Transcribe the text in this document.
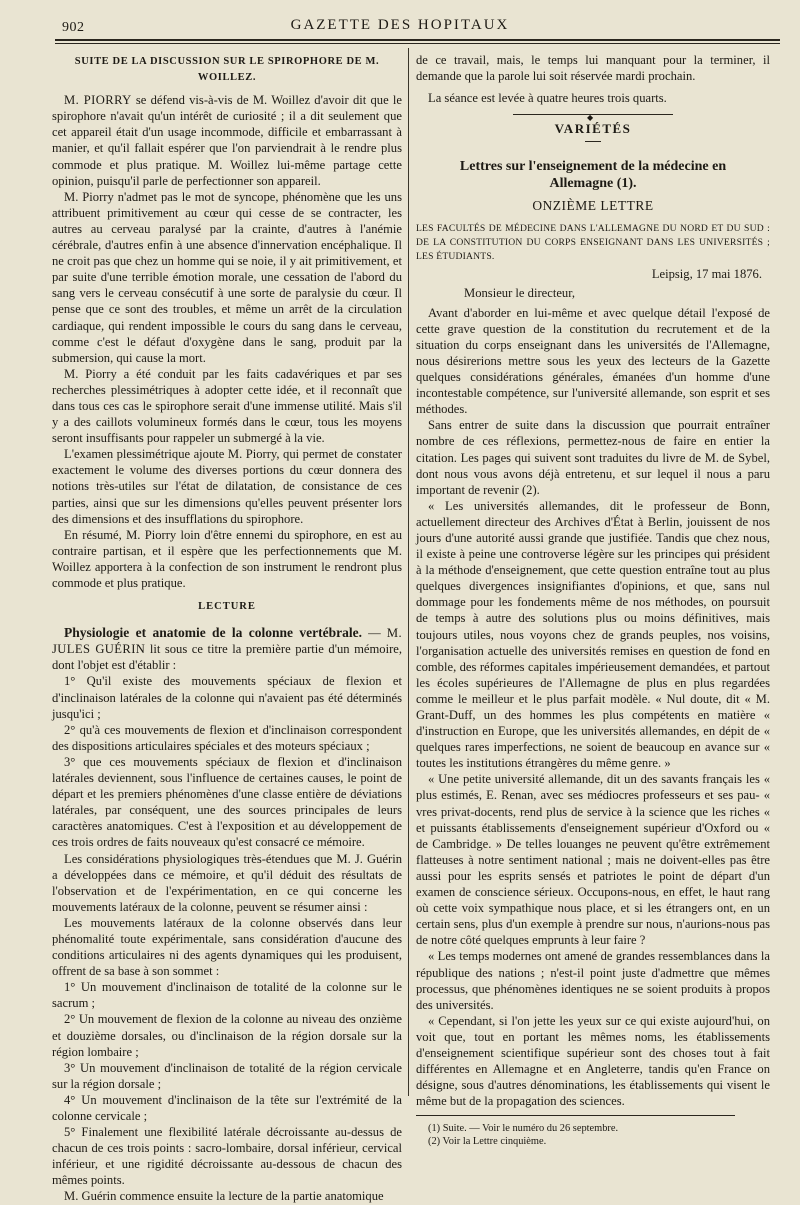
902	GAZETTE DES HOPITAUX
SUITE DE LA DISCUSSION SUR LE SPIROPHORE DE M. WOILLEZ.

M. PIORRY se défend vis-à-vis de M. Woillez d'avoir dit que le spirophore n'avait qu'un intérêt de curiosité ; il a dit seulement que cet appareil était d'un usage incommode, difficile et embarrassant à manier, et qu'il fallait espérer que l'on parviendrait à le rendre plus commode et plus pratique. M. Woillez lui-même partage cette opinion, puisqu'il parle de perfectionner son appareil.

M. Piorry n'admet pas le mot de syncope, phénomène que les uns attribuent primitivement au cœur qui cesse de se contracter, les autres au cerveau paralysé par la crainte, d'autres à l'anémie cérébrale, d'autres enfin à une absence d'innervation encéphalique. Il ne croit pas que chez un homme qui se noie, il y ait primitivement, et par suite d'une terrible émotion morale, une cessation de l'abord du sang vers le cerveau consécutif à une sorte de paralysie du cœur. Il pense que ce sont des troubles, et même un arrêt de la circulation cardiaque, qui rendent impossible le cours du sang dans le cerveau, comme c'est le défaut d'oxygène dans le sang, produit par la submersion, qui cause la mort.

M. Piorry a été conduit par les faits cadavériques et par ses recherches plessimétriques à adopter cette idée, et il reconnaît que dans tous ces cas le spirophore serait d'une immense utilité. Mais s'il y a des caillots volumineux formés dans le cœur, tous les moyens seront insuffisants pour rappeler un submergé à la vie.

L'examen plessimétrique ajoute M. Piorry, qui permet de constater exactement le volume des diverses portions du cœur donnera des notions très-utiles sur l'état de dilatation, de consistance de ces parties, ainsi que sur les dimensions qu'elles peuvent présenter lors des dimensions et des insufflations du spirophore.

En résumé, M. Piorry loin d'être ennemi du spirophore, en est au contraire partisan, et il espère que les perfectionnements que M. Woillez apportera à la confection de son instrument le rendront plus commode et plus pratique.

LECTURE

Physiologie et anatomie de la colonne vertébrale. — M. JULES GUÉRIN lit sous ce titre la première partie d'un mémoire, dont l'objet est d'établir :

1° Qu'il existe des mouvements spéciaux de flexion et d'inclinaison latérales de la colonne qui n'avaient pas été déterminés jusqu'ici ;

2° qu'à ces mouvements de flexion et d'inclinaison correspondent des dispositions articulaires spéciales et des moteurs spéciaux ;

3° que ces mouvements spéciaux de flexion et d'inclinaison latérales deviennent, sous l'influence de certaines causes, le point de départ et les premiers phénomènes d'une classe entière de déviations latérales, par conséquent, une des sources principales de leurs caractères anatomiques. C'est à l'exposition et au développement de ces trois ordres de faits nouveaux qu'est consacré ce mémoire.

Les considérations physiologiques très-étendues que M. J. Guérin a développées dans ce mémoire, et qu'il déduit des résultats de l'observation et de l'expérimentation, en ce qui concerne les mouvements latéraux de la colonne, peuvent se résumer ainsi :

Les mouvements latéraux de la colonne observés dans leur phénomalité toute expérimentale, sans considération d'aucune des conditions articulaires ni des agents dynamiques qui les produisent, offrent de sa base à son sommet :

1° Un mouvement d'inclinaison de totalité de la colonne sur le sacrum ;

2° Un mouvement de flexion de la colonne au niveau des onzième et douzième dorsales, ou d'inclinaison de la région dorsale sur la région lombaire ;

3° Un mouvement d'inclinaison de totalité de la région cervicale sur la région dorsale ;

4° Un mouvement d'inclinaison de la tête sur l'extrémité de la colonne cervicale ;

5° Finalement une flexibilité latérale décroissante au-dessus de chacun de ces trois points : sacro-lombaire, dorsal inférieur, cervical inférieur, et une rigidité décroissante au-dessous de chacun des mêmes points.

M. Guérin commence ensuite la lecture de la partie anatomique

de ce travail, mais, le temps lui manquant pour la terminer, il demande que la parole lui soit réservée mardi prochain.

La séance est levée à quatre heures trois quarts.

◆
VARIÉTÉS
Lettres sur l'enseignement de la médecine en Allemagne (1).
ONZIÈME LETTRE

LES FACULTÉS DE MÉDECINE DANS L'ALLEMAGNE DU NORD ET DU SUD : DE LA CONSTITUTION DU CORPS ENSEIGNANT DANS LES UNIVERSITÉS ; LES ÉTUDIANTS.

Leipsig, 17 mai 1876.

Monsieur le directeur,

Avant d'aborder en lui-même et avec quelque détail l'exposé de cette grave question de la constitution du recrutement et de la situation du corps enseignant dans les universités de l'Allemagne, nous désirerions mettre sous les yeux des lecteurs de la Gazette quelques considérations générales, émanées d'un homme d'une incontestable compétence, sur l'université allemande, son esprit et ses méthodes.

Sans entrer de suite dans la discussion que pourrait entraîner nombre de ces réflexions, permettez-nous de faire en entier la citation. Les pages qui suivent sont traduites du livre de M. de Sybel, dont nous vous avons déjà entretenu, et sur lequel il nous a paru important de revenir (2).

« Les universités allemandes, dit le professeur de Bonn, actuellement directeur des Archives d'État à Berlin, jouissent de nos jours d'une autorité aussi grande que justifiée. Tandis que chez nous, il existe à peine une controverse légère sur les principes qui président à la méthode d'enseignement, que cette question entraîne tout au plus quelques divergences insignifiantes d'opinions, et que, sans nul dommage pour les fondements même de nos méthodes, on poursuit de temps à autre des solutions plus ou moins définitives, mais toujours utiles, nous voyons chez de grands peuples, nos voisins, l'organisation actuelle des universités remises en question de fond en comble, des réformes capitales impérieusement demandées, et partout les écoles supérieures de l'Allemagne de plus en plus regardées comme le meilleur et le plus parfait modèle. « Nul doute, dit « M. Grant-Duff, un des hommes les plus compétents en matière « d'instruction en Europe, que les universités allemandes, en dépit de « quelques rares imperfections, ne soient de beaucoup en avance sur « toutes les institutions étrangères du même genre. »

« Une petite université allemande, dit un des savants français les « plus estimés, E. Renan, avec ses médiocres professeurs et ses pau- « vres privat-docents, rend plus de service à la science que les riches « et puissants établissements d'enseignement supérieur d'Oxford ou « de Cambridge. » De telles louanges ne peuvent qu'être extrêmement flatteuses à notre sentiment national ; mais ne doivent-elles pas être aussi pour les esprits sensés et patriotes le point de départ d'un examen de conscience sérieux. Occupons-nous, en effet, le haut rang où cette voix sympathique nous place, et si les étrangers ont, en un certain sens, plus d'un exemple à prendre sur nous, n'aurions-nous pas de notre côté quelques emprunts à leur faire ?

« Les temps modernes ont amené de grandes ressemblances dans la république des nations ; n'est-il point juste d'admettre que mêmes processus, que phénomènes identiques ne se soient produits à propos des universités.

« Cependant, si l'on jette les yeux sur ce qui existe aujourd'hui, on voit que, tout en portant les mêmes noms, les établissements d'enseignement scientifique supérieur sont des choses tout à fait différentes en Allemagne et en Angleterre, tandis qu'en France on désigne, sous d'autres dénominations, les établissements qui visent le même but de la propagation des sciences.

(1) Suite. — Voir le numéro du 26 septembre.

(2) Voir la Lettre cinquième.
